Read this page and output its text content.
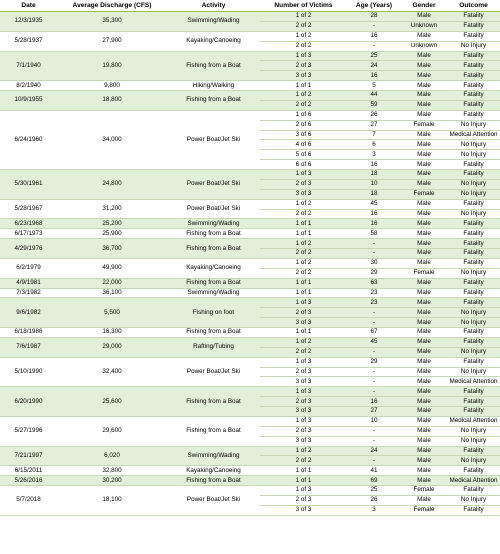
Date	Average Discharge (CFS)	Activity	Number of Victims	Age (Years)	Gender	Outcome
12/3/1935	35,300	Swimming/Wading	1 of 2	28	Male	Fatality
			2 of 2	-	Unknown	Fatality
5/28/1937	27,900	Kayaking/Canoeing	1 of 2	16	Male	Fatality
			2 of 2	-	Unknown	No Injury
7/1/1940	19,800	Fishing from a Boat	1 of 3	25	Male	Fatality
			2 of 3	24	Male	Fatality
			3 of 3	16	Male	Fatality
8/2/1940	9,800	Hiking/Walking	1 of 1	5	Male	Fatality
10/9/1955	18,800	Fishing from a Boat	1 of 2	44	Male	Fatality
			2 of 2	59	Male	Fatality
6/24/1960	34,000	Power Boat/Jet Ski	1 of 6	26	Male	Fatality
			2 of 6	27	Female	No Injury
			3 of 6	7	Male	Medical Attention
			4 of 6	6	Male	No Injury
			5 of 6	3	Male	No Injury
			6 of 6	16	Male	Fatality
5/30/1961	24,800	Power Boat/Jet Ski	1 of 3	18	Male	Fatality
			2 of 3	10	Male	No Injury
			3 of 3	18	Female	No Injury
5/28/1967	31,200	Power Boat/Jet Ski	1 of 2	45	Male	Fatality
			2 of 2	16	Male	No Injury
6/23/1968	25,200	Swimming/Wading	1 of 1	16	Male	Fatality
6/17/1973	25,900	Fishing from a Boat	1 of 1	58	Male	Fatality
4/29/1976	36,700	Fishing from a Boat	1 of 2	-	Male	Fatality
			2 of 2	-	Male	Fatality
6/2/1979	49,900	Kayaking/Canoeing	1 of 2	30	Male	Fatality
			2 of 2	29	Female	No Injury
4/9/1981	22,000	Fishing from a Boat	1 of 1	63	Male	Fatality
7/3/1982	36,100	Swimming/Wading	1 of 1	23	Male	Fatality
9/6/1982	5,500	Fishing on foot	1 of 3	23	Male	Fatality
			2 of 3	-	Male	No Injury
			3 of 3	-	Male	No Injury
6/18/1986	16,300	Fishing from a Boat	1 of 1	67	Male	Fatality
7/6/1987	29,000	Rafting/Tubing	1 of 2	45	Male	Fatality
			2 of 2	-	Male	No Injury
5/10/1990	32,400	Power Boat/Jet Ski	1 of 3	29	Male	Fatality
			2 of 3	-	Male	No Injury
			3 of 3	-	Male	Medical Attention
6/20/1990	25,600	Fishing from a Boat	1 of 3	-	Male	Fatality
			2 of 3	16	Male	Fatality
			3 of 3	27	Male	Fatality
5/27/1996	29,600	Fishing from a Boat	1 of 3	10	Male	Medical Attention
			2 of 3	-	Male	No Injury
			3 of 3	-	Male	No Injury
7/21/1997	6,020	Swimming/Wading	1 of 2	24	Male	Fatality
			2 of 2	-	Male	No Injury
6/15/2011	32,800	Kayaking/Canoeing	1 of 1	41	Male	Fatality
5/26/2016	30,200	Fishing from a Boat	1 of 1	69	Male	Medical Attention
5/7/2018	18,100	Power Boat/Jet Ski	1 of 3	25	Female	Fatality
			2 of 3	26	Male	No Injury
			3 of 3	3	Female	Fatality
